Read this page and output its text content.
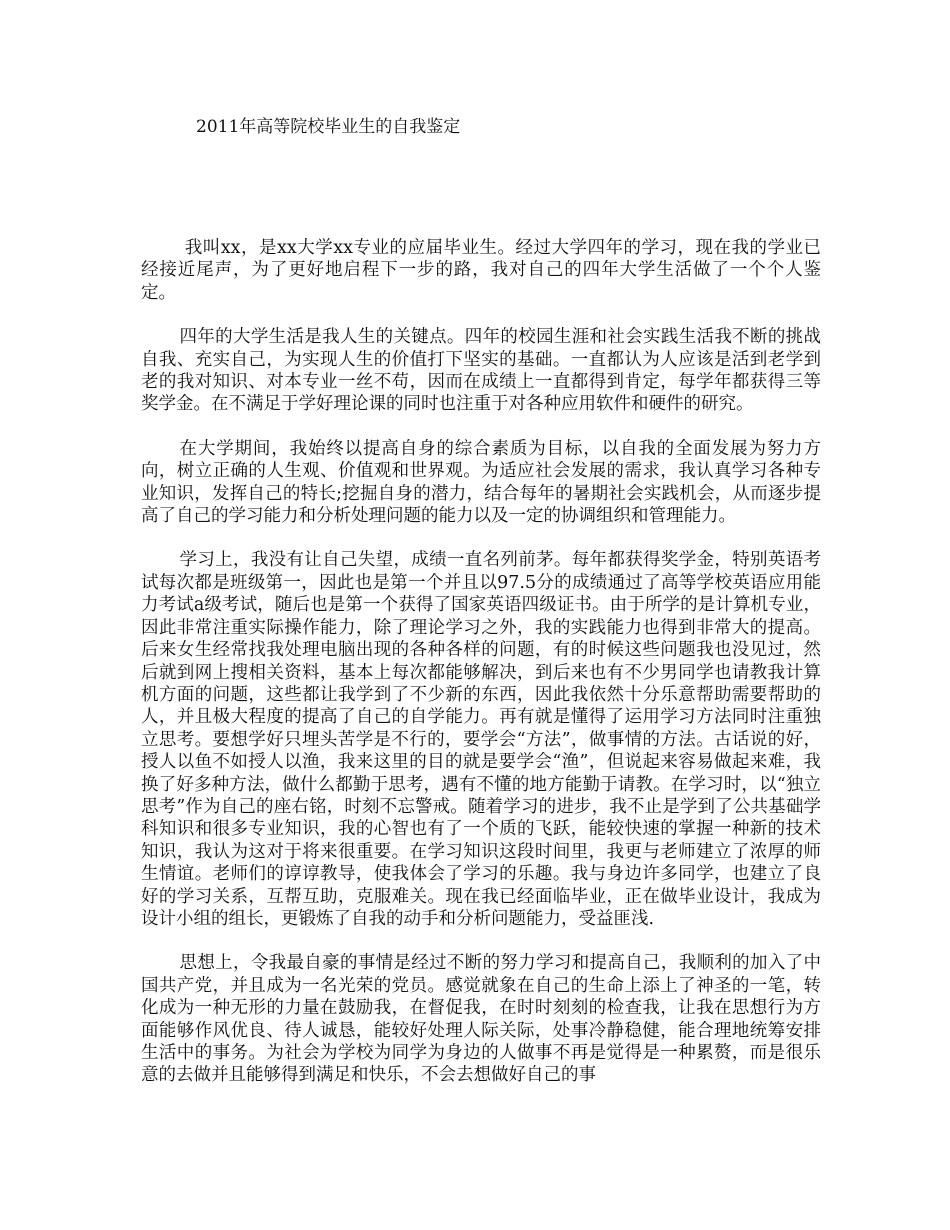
2011年高等院校毕业生的自我鉴定

我叫xx，是xx大学xx专业的应届毕业生。经过大学四年的学习，现在我的学业已经接近尾声，为了更好地启程下一步的路，我对自己的四年大学生活做了一个个人鉴定。

四年的大学生活是我人生的关键点。四年的校园生涯和社会实践生活我不断的挑战自我、充实自己，为实现人生的价值打下坚实的基础。一直都认为人应该是活到老学到老的我对知识、对本专业一丝不苟，因而在成绩上一直都得到肯定，每学年都获得三等奖学金。在不满足于学好理论课的同时也注重于对各种应用软件和硬件的研究。

在大学期间，我始终以提高自身的综合素质为目标，以自我的全面发展为努力方向，树立正确的人生观、价值观和世界观。为适应社会发展的需求，我认真学习各种专业知识，发挥自己的特长;挖掘自身的潜力，结合每年的暑期社会实践机会，从而逐步提高了自己的学习能力和分析处理问题的能力以及一定的协调组织和管理能力。

学习上，我没有让自己失望，成绩一直名列前茅。每年都获得奖学金，特别英语考试每次都是班级第一，因此也是第一个并且以97.5分的成绩通过了高等学校英语应用能力考试a级考试，随后也是第一个获得了国家英语四级证书。由于所学的是计算机专业，因此非常注重实际操作能力，除了理论学习之外，我的实践能力也得到非常大的提高。后来女生经常找我处理电脑出现的各种各样的问题，有的时候这些问题我也没见过，然后就到网上搜相关资料，基本上每次都能够解决，到后来也有不少男同学也请教我计算机方面的问题，这些都让我学到了不少新的东西，因此我依然十分乐意帮助需要帮助的人，并且极大程度的提高了自己的自学能力。再有就是懂得了运用学习方法同时注重独立思考。要想学好只埋头苦学是不行的，要学会“方法”，做事情的方法。古话说的好，授人以鱼不如授人以渔，我来这里的目的就是要学会“渔”，但说起来容易做起来难，我换了好多种方法，做什么都勤于思考，遇有不懂的地方能勤于请教。在学习时，以“独立思考”作为自己的座右铭，时刻不忘警戒。随着学习的进步，我不止是学到了公共基础学科知识和很多专业知识，我的心智也有了一个质的飞跃，能较快速的掌握一种新的技术知识，我认为这对于将来很重要。在学习知识这段时间里，我更与老师建立了浓厚的师生情谊。老师们的谆谆教导，使我体会了学习的乐趣。我与身边许多同学，也建立了良好的学习关系，互帮互助，克服难关。现在我已经面临毕业，正在做毕业设计，我成为设计小组的组长，更锻炼了自我的动手和分析问题能力，受益匪浅.

思想上，令我最自豪的事情是经过不断的努力学习和提高自己，我顺利的加入了中国共产党，并且成为一名光荣的党员。感觉就象在自己的生命上添上了神圣的一笔，转化成为一种无形的力量在鼓励我，在督促我，在时时刻刻的检查我，让我在思想行为方面能够作风优良、待人诚恳，能较好处理人际关际，处事冷静稳健，能合理地统筹安排生活中的事务。为社会为学校为同学为身边的人做事不再是觉得是一种累赘，而是很乐意的去做并且能够得到满足和快乐，不会去想做好自己的事
